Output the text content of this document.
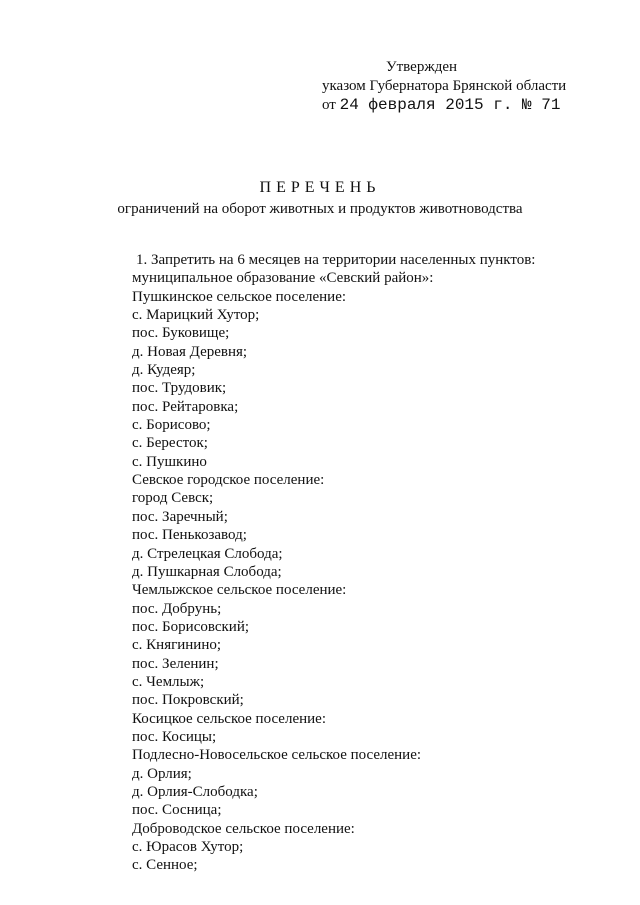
Утвержден
указом Губернатора Брянской области
от 24 февраля 2015 г. № 71
ПЕРЕЧЕНЬ
ограничений на оборот животных и продуктов животноводства
1. Запретить на 6 месяцев на территории населенных пунктов:
муниципальное образование «Севский район»:
Пушкинское сельское поселение:
с. Марицкий Хутор;
пос. Буковище;
д. Новая Деревня;
д. Кудеяр;
пос. Трудовик;
пос. Рейтаровка;
с. Борисово;
с. Бересток;
с. Пушкино
Севское городское поселение:
город Севск;
пос. Заречный;
пос. Пенькозавод;
д. Стрелецкая Слобода;
д. Пушкарная Слобода;
Чемлыжское сельское поселение:
пос. Добрунь;
пос. Борисовский;
с. Княгинино;
пос. Зеленин;
с. Чемлыж;
пос. Покровский;
Косицкое сельское поселение:
пос. Косицы;
Подлесно-Новосельское сельское поселение:
д. Орлия;
д. Орлия-Слободка;
пос. Сосница;
Доброводское сельское поселение:
с. Юрасов Хутор;
с. Сенное;
